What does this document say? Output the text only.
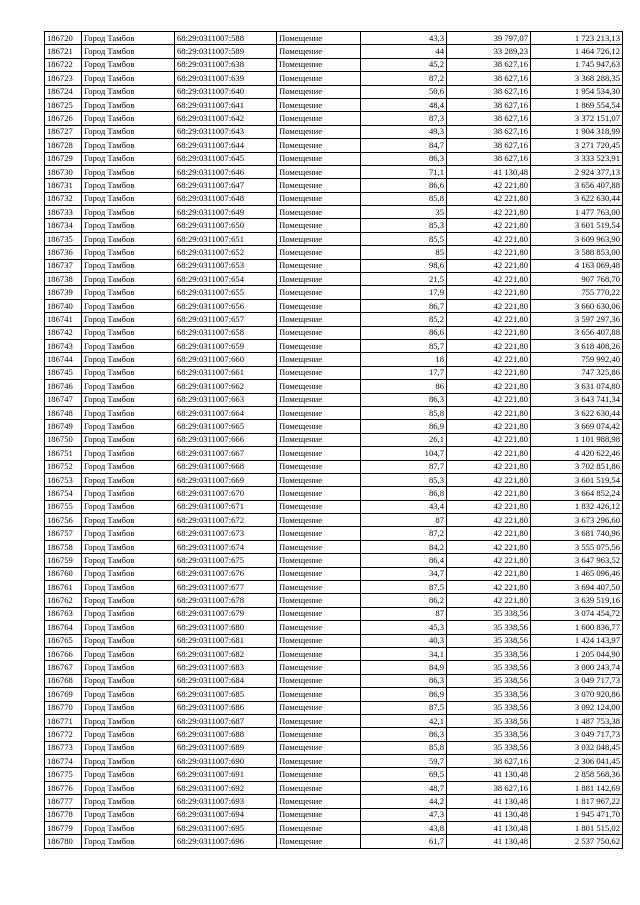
186720	Город Тамбов	68:29:0311007:588	Помещение	43,3	39 797,07	1 723 213,13
186721	Город Тамбов	68:29:0311007:589	Помещение	44	33 289,23	1 464 726,12
186722	Город Тамбов	68:29:0311007:638	Помещение	45,2	38 627,16	1 745 947,63
186723	Город Тамбов	68:29:0311007:639	Помещение	87,2	38 627,16	3 368 288,35
186724	Город Тамбов	68:29:0311007:640	Помещение	50,6	38 627,16	1 954 534,30
186725	Город Тамбов	68:29:0311007:641	Помещение	48,4	38 627,16	1 869 554,54
186726	Город Тамбов	68:29:0311007:642	Помещение	87,3	38 627,16	3 372 151,07
186727	Город Тамбов	68:29:0311007:643	Помещение	49,3	38 627,16	1 904 318,99
186728	Город Тамбов	68:29:0311007:644	Помещение	84,7	38 627,16	3 271 720,45
186729	Город Тамбов	68:29:0311007:645	Помещение	86,3	38 627,16	3 333 523,91
186730	Город Тамбов	68:29:0311007:646	Помещение	71,1	41 130,48	2 924 377,13
186731	Город Тамбов	68:29:0311007:647	Помещение	86,6	42 221,80	3 656 407,88
186732	Город Тамбов	68:29:0311007:648	Помещение	85,8	42 221,80	3 622 630,44
186733	Город Тамбов	68:29:0311007:649	Помещение	35	42 221,80	1 477 763,00
186734	Город Тамбов	68:29:0311007:650	Помещение	85,3	42 221,80	3 601 519,54
186735	Город Тамбов	68:29:0311007:651	Помещение	85,5	42 221,80	3 609 963,90
186736	Город Тамбов	68:29:0311007:652	Помещение	85	42 221,80	3 588 853,00
186737	Город Тамбов	68:29:0311007:653	Помещение	98,6	42 221,80	4 163 069,48
186738	Город Тамбов	68:29:0311007:654	Помещение	21,5	42 221,80	907 768,70
186739	Город Тамбов	68:29:0311007:655	Помещение	17,9	42 221,80	755 770,22
186740	Город Тамбов	68:29:0311007:656	Помещение	86,7	42 221,80	3 660 630,06
186741	Город Тамбов	68:29:0311007:657	Помещение	85,2	42 221,80	3 597 297,36
186742	Город Тамбов	68:29:0311007:658	Помещение	86,6	42 221,80	3 656 407,88
186743	Город Тамбов	68:29:0311007:659	Помещение	85,7	42 221,80	3 618 408,26
186744	Город Тамбов	68:29:0311007:660	Помещение	18	42 221,80	759 992,40
186745	Город Тамбов	68:29:0311007:661	Помещение	17,7	42 221,80	747 325,86
186746	Город Тамбов	68:29:0311007:662	Помещение	86	42 221,80	3 631 074,80
186747	Город Тамбов	68:29:0311007:663	Помещение	86,3	42 221,80	3 643 741,34
186748	Город Тамбов	68:29:0311007:664	Помещение	85,8	42 221,80	3 622 630,44
186749	Город Тамбов	68:29:0311007:665	Помещение	86,9	42 221,80	3 669 074,42
186750	Город Тамбов	68:29:0311007:666	Помещение	26,1	42 221,80	1 101 988,98
186751	Город Тамбов	68:29:0311007:667	Помещение	104,7	42 221,80	4 420 622,46
186752	Город Тамбов	68:29:0311007:668	Помещение	87,7	42 221,80	3 702 851,86
186753	Город Тамбов	68:29:0311007:669	Помещение	85,3	42 221,80	3 601 519,54
186754	Город Тамбов	68:29:0311007:670	Помещение	86,8	42 221,80	3 664 852,24
186755	Город Тамбов	68:29:0311007:671	Помещение	43,4	42 221,80	1 832 426,12
186756	Город Тамбов	68:29:0311007:672	Помещение	87	42 221,80	3 673 296,60
186757	Город Тамбов	68:29:0311007:673	Помещение	87,2	42 221,80	3 681 740,96
186758	Город Тамбов	68:29:0311007:674	Помещение	84,2	42 221,80	3 555 075,56
186759	Город Тамбов	68:29:0311007:675	Помещение	86,4	42 221,80	3 647 963,52
186760	Город Тамбов	68:29:0311007:676	Помещение	34,7	42 221,80	1 465 096,46
186761	Город Тамбов	68:29:0311007:677	Помещение	87,5	42 221,80	3 694 407,50
186762	Город Тамбов	68:29:0311007:678	Помещение	86,2	42 221,80	3 639 519,16
186763	Город Тамбов	68:29:0311007:679	Помещение	87	35 338,56	3 074 454,72
186764	Город Тамбов	68:29:0311007:680	Помещение	45,3	35 338,56	1 600 836,77
186765	Город Тамбов	68:29:0311007:681	Помещение	40,3	35 338,56	1 424 143,97
186766	Город Тамбов	68:29:0311007:682	Помещение	34,1	35 338,56	1 205 044,90
186767	Город Тамбов	68:29:0311007:683	Помещение	84,9	35 338,56	3 000 243,74
186768	Город Тамбов	68:29:0311007:684	Помещение	86,3	35 338,56	3 049 717,73
186769	Город Тамбов	68:29:0311007:685	Помещение	86,9	35 338,56	3 070 920,86
186770	Город Тамбов	68:29:0311007:686	Помещение	87,5	35 338,56	3 092 124,00
186771	Город Тамбов	68:29:0311007:687	Помещение	42,1	35 338,56	1 487 753,38
186772	Город Тамбов	68:29:0311007:688	Помещение	86,3	35 338,56	3 049 717,73
186773	Город Тамбов	68:29:0311007:689	Помещение	85,8	35 338,56	3 032 048,45
186774	Город Тамбов	68:29:0311007:690	Помещение	59,7	38 627,16	2 306 041,45
186775	Город Тамбов	68:29:0311007:691	Помещение	69,5	41 130,48	2 858 568,36
186776	Город Тамбов	68:29:0311007:692	Помещение	48,7	38 627,16	1 881 142,69
186777	Город Тамбов	68:29:0311007:693	Помещение	44,2	41 130,48	1 817 967,22
186778	Город Тамбов	68:29:0311007:694	Помещение	47,3	41 130,48	1 945 471,70
186779	Город Тамбов	68:29:0311007:695	Помещение	43,8	41 130,48	1 801 515,02
186780	Город Тамбов	68:29:0311007:696	Помещение	61,7	41 130,48	2 537 750,62
